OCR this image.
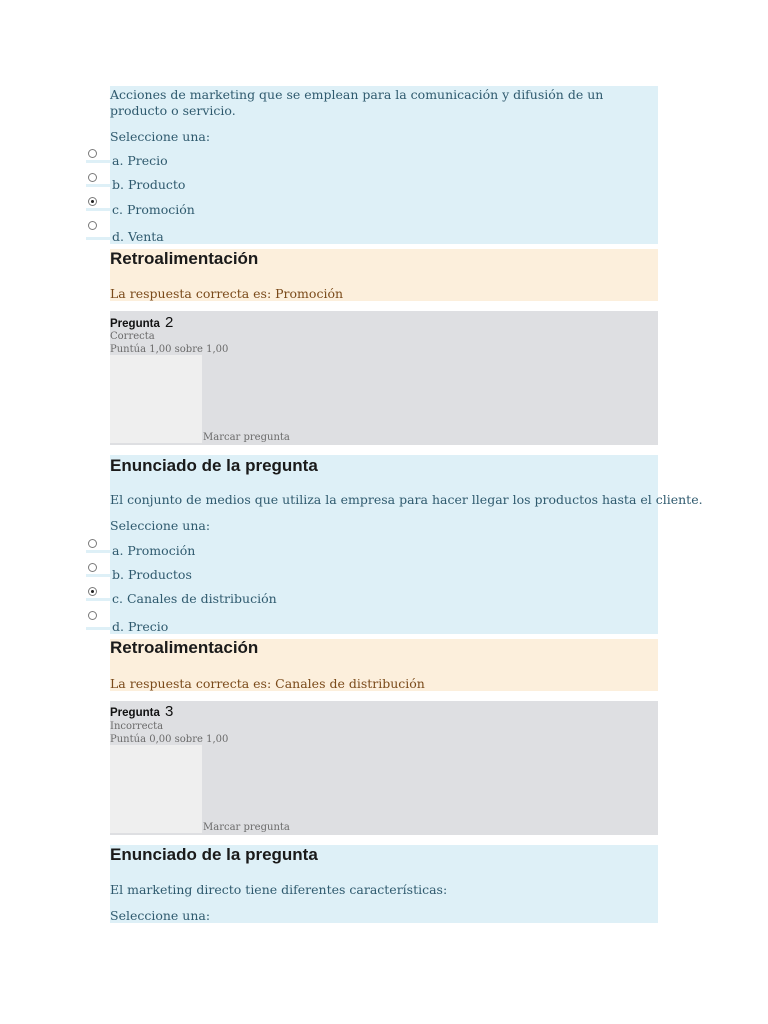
Acciones de marketing que se emplean para la comunicación y difusión de un producto o servicio.
Seleccione una:
a. Precio
b. Producto
c. Promoción
d. Venta
Retroalimentación
La respuesta correcta es: Promoción
Pregunta 2
Correcta
Puntúa 1,00 sobre 1,00
Marcar pregunta
Enunciado de la pregunta
El conjunto de medios que utiliza la empresa para hacer llegar los productos hasta el cliente.
Seleccione una:
a. Promoción
b. Productos
c. Canales de distribución
d. Precio
Retroalimentación
La respuesta correcta es: Canales de distribución
Pregunta 3
Incorrecta
Puntúa 0,00 sobre 1,00
Marcar pregunta
Enunciado de la pregunta
El marketing directo tiene diferentes características:
Seleccione una:
